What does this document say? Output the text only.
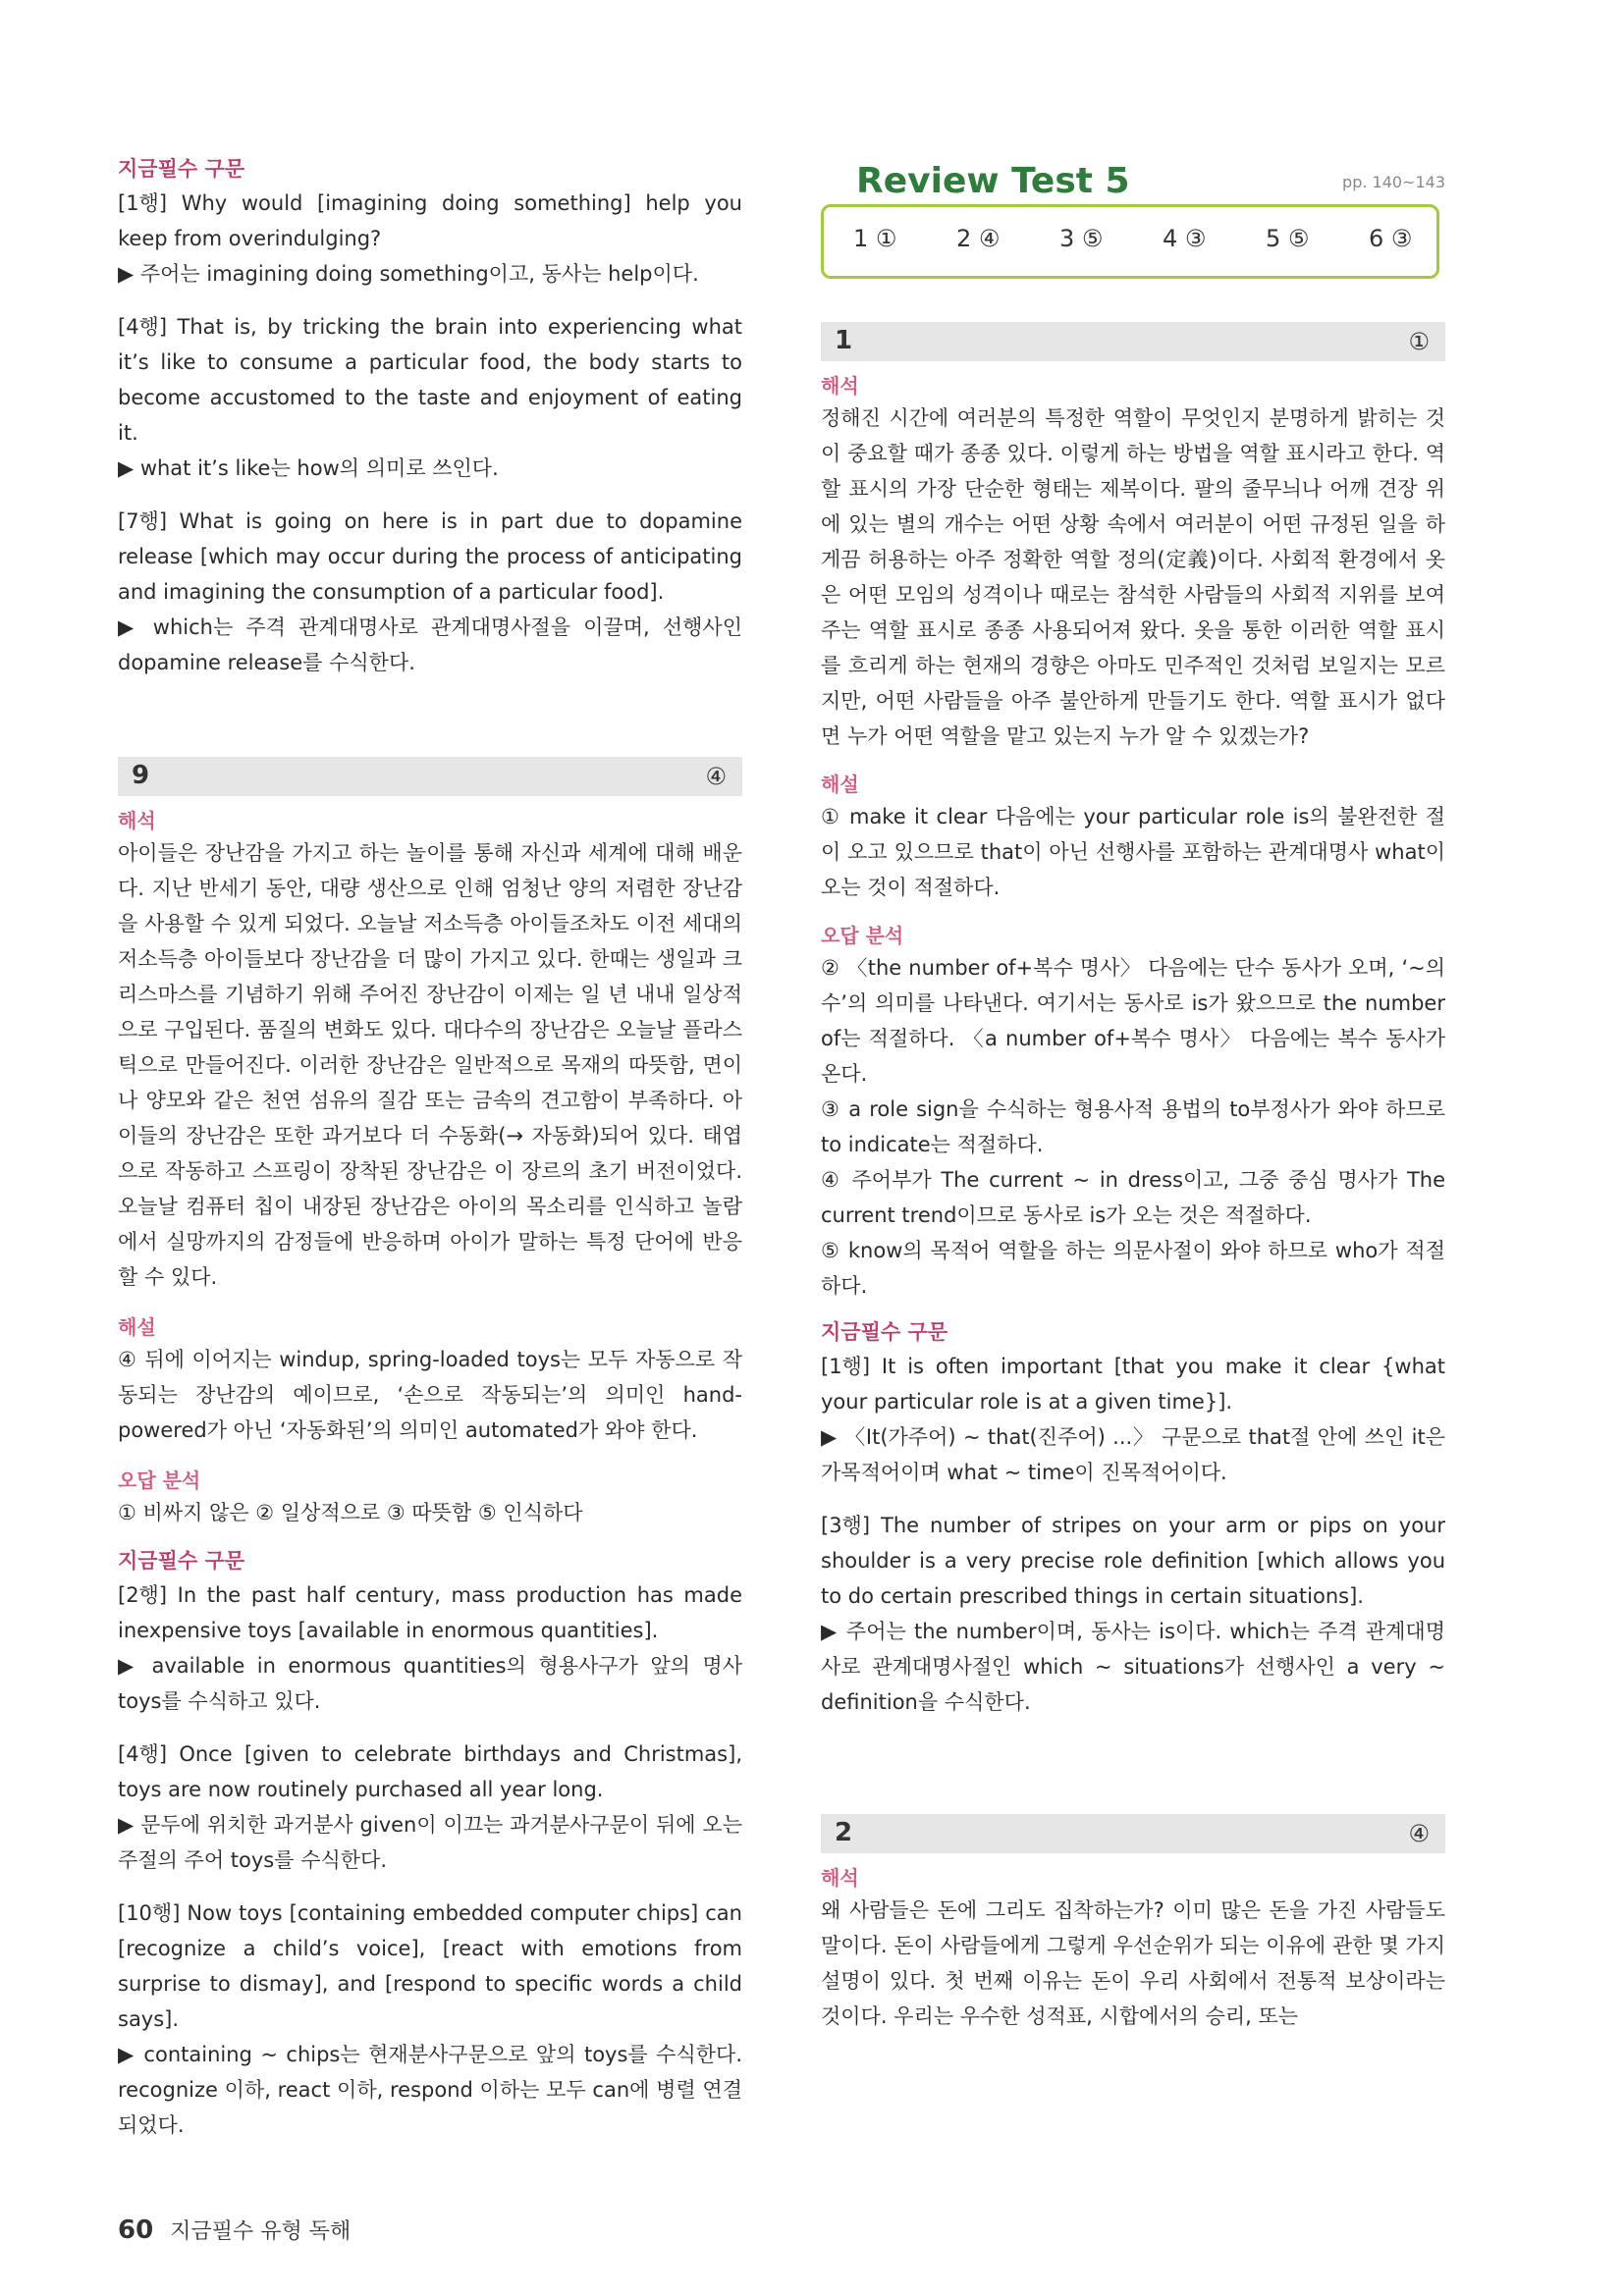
지금필수 구문

[1행] Why would [imagining doing something] help you keep from overindulging?

▶ 주어는 imagining doing something이고, 동사는 help이다.

[4행] That is, by tricking the brain into experiencing what it’s like to consume a particular food, the body starts to become accustomed to the taste and enjoyment of eating it.

▶ what it’s like는 how의 의미로 쓰인다.

[7행] What is going on here is in part due to dopamine release [which may occur during the process of anticipating and imagining the consumption of a particular food].

▶ which는 주격 관계대명사로 관계대명사절을 이끌며, 선행사인 dopamine release를 수식한다.

9	④
해석

아이들은 장난감을 가지고 하는 놀이를 통해 자신과 세계에 대해 배운다. 지난 반세기 동안, 대량 생산으로 인해 엄청난 양의 저렴한 장난감을 사용할 수 있게 되었다. 오늘날 저소득층 아이들조차도 이전 세대의 저소득층 아이들보다 장난감을 더 많이 가지고 있다. 한때는 생일과 크리스마스를 기념하기 위해 주어진 장난감이 이제는 일 년 내내 일상적으로 구입된다. 품질의 변화도 있다. 대다수의 장난감은 오늘날 플라스틱으로 만들어진다. 이러한 장난감은 일반적으로 목재의 따뜻함, 면이나 양모와 같은 천연 섬유의 질감 또는 금속의 견고함이 부족하다. 아이들의 장난감은 또한 과거보다 더 수동화(→ 자동화)되어 있다. 태엽으로 작동하고 스프링이 장착된 장난감은 이 장르의 초기 버전이었다. 오늘날 컴퓨터 칩이 내장된 장난감은 아이의 목소리를 인식하고 놀람에서 실망까지의 감정들에 반응하며 아이가 말하는 특정 단어에 반응할 수 있다.

해설

④ 뒤에 이어지는 windup, spring-loaded toys는 모두 자동으로 작동되는 장난감의 예이므로, ‘손으로 작동되는’의 의미인 hand-powered가 아닌 ‘자동화된’의 의미인 automated가 와야 한다.

오답 분석

① 비싸지 않은 ② 일상적으로 ③ 따뜻함 ⑤ 인식하다

지금필수 구문

[2행] In the past half century, mass production has made inexpensive toys [available in enormous quantities].

▶ available in enormous quantities의 형용사구가 앞의 명사 toys를 수식하고 있다.

[4행] Once [given to celebrate birthdays and Christmas], toys are now routinely purchased all year long.

▶ 문두에 위치한 과거분사 given이 이끄는 과거분사구문이 뒤에 오는 주절의 주어 toys를 수식한다.

[10행] Now toys [containing embedded computer chips] can [recognize a child’s voice], [react with emotions from surprise to dismay], and [respond to specific words a child says].

▶ containing ~ chips는 현재분사구문으로 앞의 toys를 수식한다. recognize 이하, react 이하, respond 이하는 모두 can에 병렬 연결되었다.

Review Test 5	pp. 140~143
1 ①	2 ④	3 ⑤	4 ③	5 ⑤	6 ③
1	①
해석

정해진 시간에 여러분의 특정한 역할이 무엇인지 분명하게 밝히는 것이 중요할 때가 종종 있다. 이렇게 하는 방법을 역할 표시라고 한다. 역할 표시의 가장 단순한 형태는 제복이다. 팔의 줄무늬나 어깨 견장 위에 있는 별의 개수는 어떤 상황 속에서 여러분이 어떤 규정된 일을 하게끔 허용하는 아주 정확한 역할 정의(定義)이다. 사회적 환경에서 옷은 어떤 모임의 성격이나 때로는 참석한 사람들의 사회적 지위를 보여 주는 역할 표시로 종종 사용되어져 왔다. 옷을 통한 이러한 역할 표시를 흐리게 하는 현재의 경향은 아마도 민주적인 것처럼 보일지는 모르지만, 어떤 사람들을 아주 불안하게 만들기도 한다. 역할 표시가 없다면 누가 어떤 역할을 맡고 있는지 누가 알 수 있겠는가?

해설

① make it clear 다음에는 your particular role is의 불완전한 절이 오고 있으므로 that이 아닌 선행사를 포함하는 관계대명사 what이 오는 것이 적절하다.

오답 분석

② 〈the number of+복수 명사〉 다음에는 단수 동사가 오며, ‘~의 수’의 의미를 나타낸다. 여기서는 동사로 is가 왔으므로 the number of는 적절하다. 〈a number of+복수 명사〉 다음에는 복수 동사가 온다.

③ a role sign을 수식하는 형용사적 용법의 to부정사가 와야 하므로 to indicate는 적절하다.

④ 주어부가 The current ~ in dress이고, 그중 중심 명사가 The current trend이므로 동사로 is가 오는 것은 적절하다.

⑤ know의 목적어 역할을 하는 의문사절이 와야 하므로 who가 적절하다.

지금필수 구문

[1행] It is often important [that you make it clear {what your particular role is at a given time}].

▶ 〈It(가주어) ~ that(진주어) ...〉 구문으로 that절 안에 쓰인 it은 가목적어이며 what ~ time이 진목적어이다.

[3행] The number of stripes on your arm or pips on your shoulder is a very precise role definition [which allows you to do certain prescribed things in certain situations].

▶ 주어는 the number이며, 동사는 is이다. which는 주격 관계대명사로 관계대명사절인 which ~ situations가 선행사인 a very ~ definition을 수식한다.

2	④
해석

왜 사람들은 돈에 그리도 집착하는가? 이미 많은 돈을 가진 사람들도 말이다. 돈이 사람들에게 그렇게 우선순위가 되는 이유에 관한 몇 가지 설명이 있다. 첫 번째 이유는 돈이 우리 사회에서 전통적 보상이라는 것이다. 우리는 우수한 성적표, 시합에서의 승리, 또는

60 지금필수 유형 독해
